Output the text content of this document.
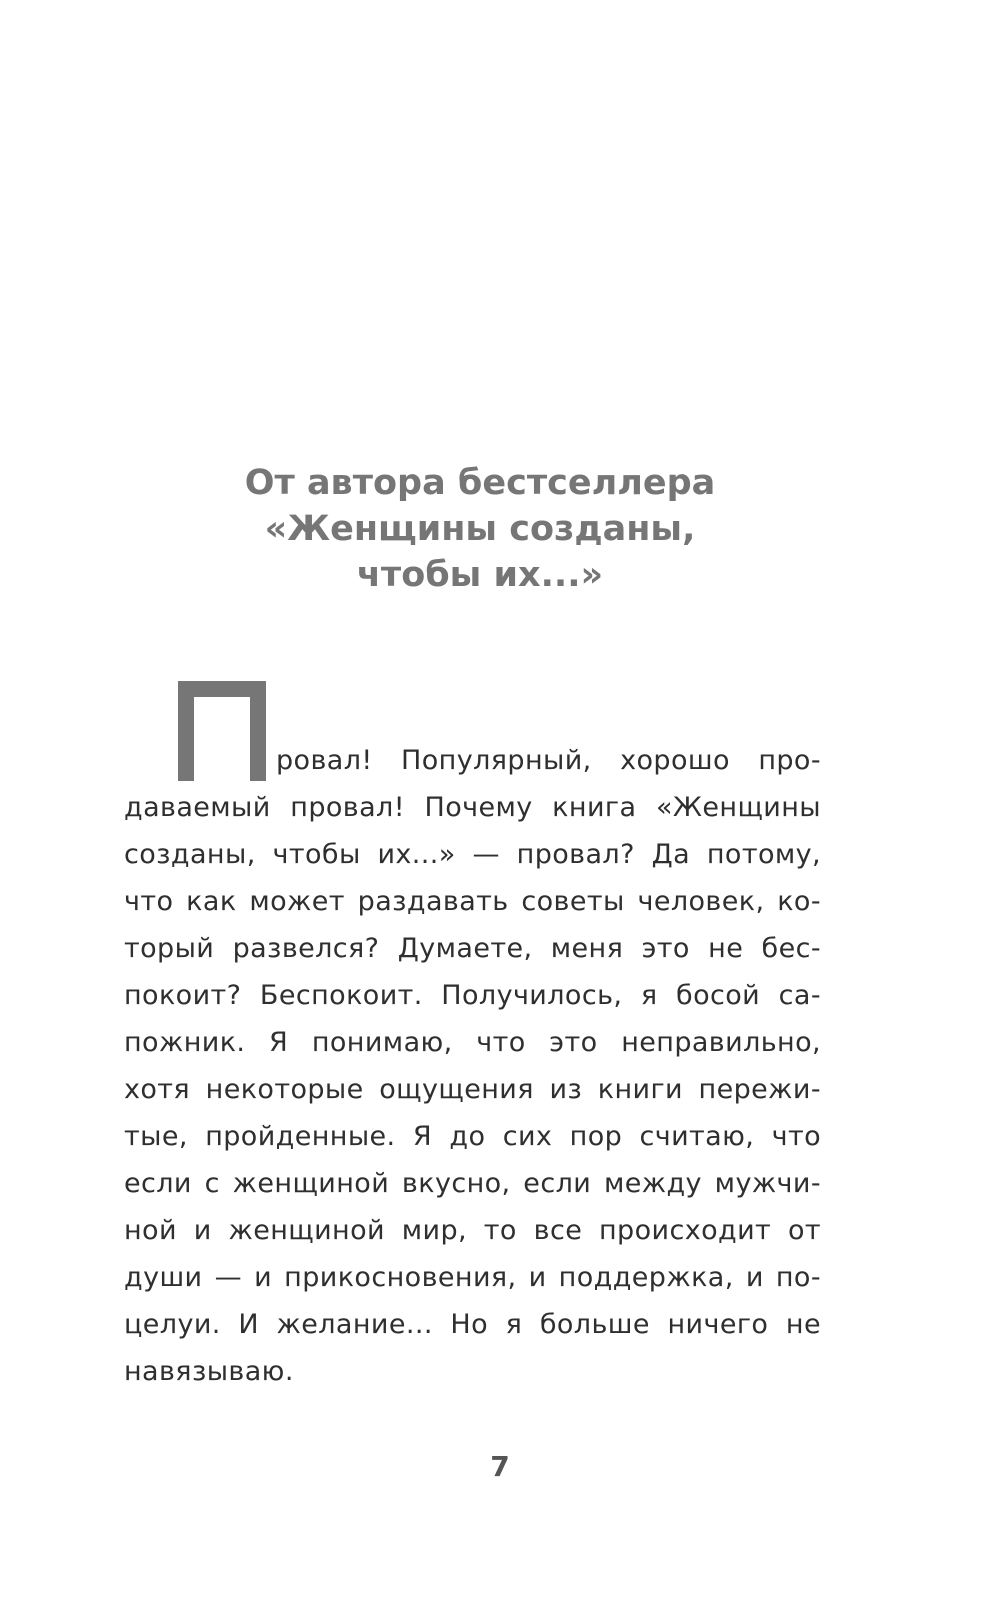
От автора бестселлера
«Женщины созданы,
чтобы их...»

ровал! Популярный, хорошо про-
даваемый провал! Почему книга «Женщины
созданы, чтобы их...» — провал? Да потому,
что как может раздавать советы человек, ко-
торый развелся? Думаете, меня это не бес-
покоит? Беспокоит. Получилось, я босой са-
пожник. Я понимаю, что это неправильно,
хотя некоторые ощущения из книги пережи-
тые, пройденные. Я до сих пор считаю, что
если с женщиной вкусно, если между мужчи-
ной и женщиной мир, то все происходит от
души — и прикосновения, и поддержка, и по-
целуи. И желание... Но я больше ничего не
навязываю.

7
